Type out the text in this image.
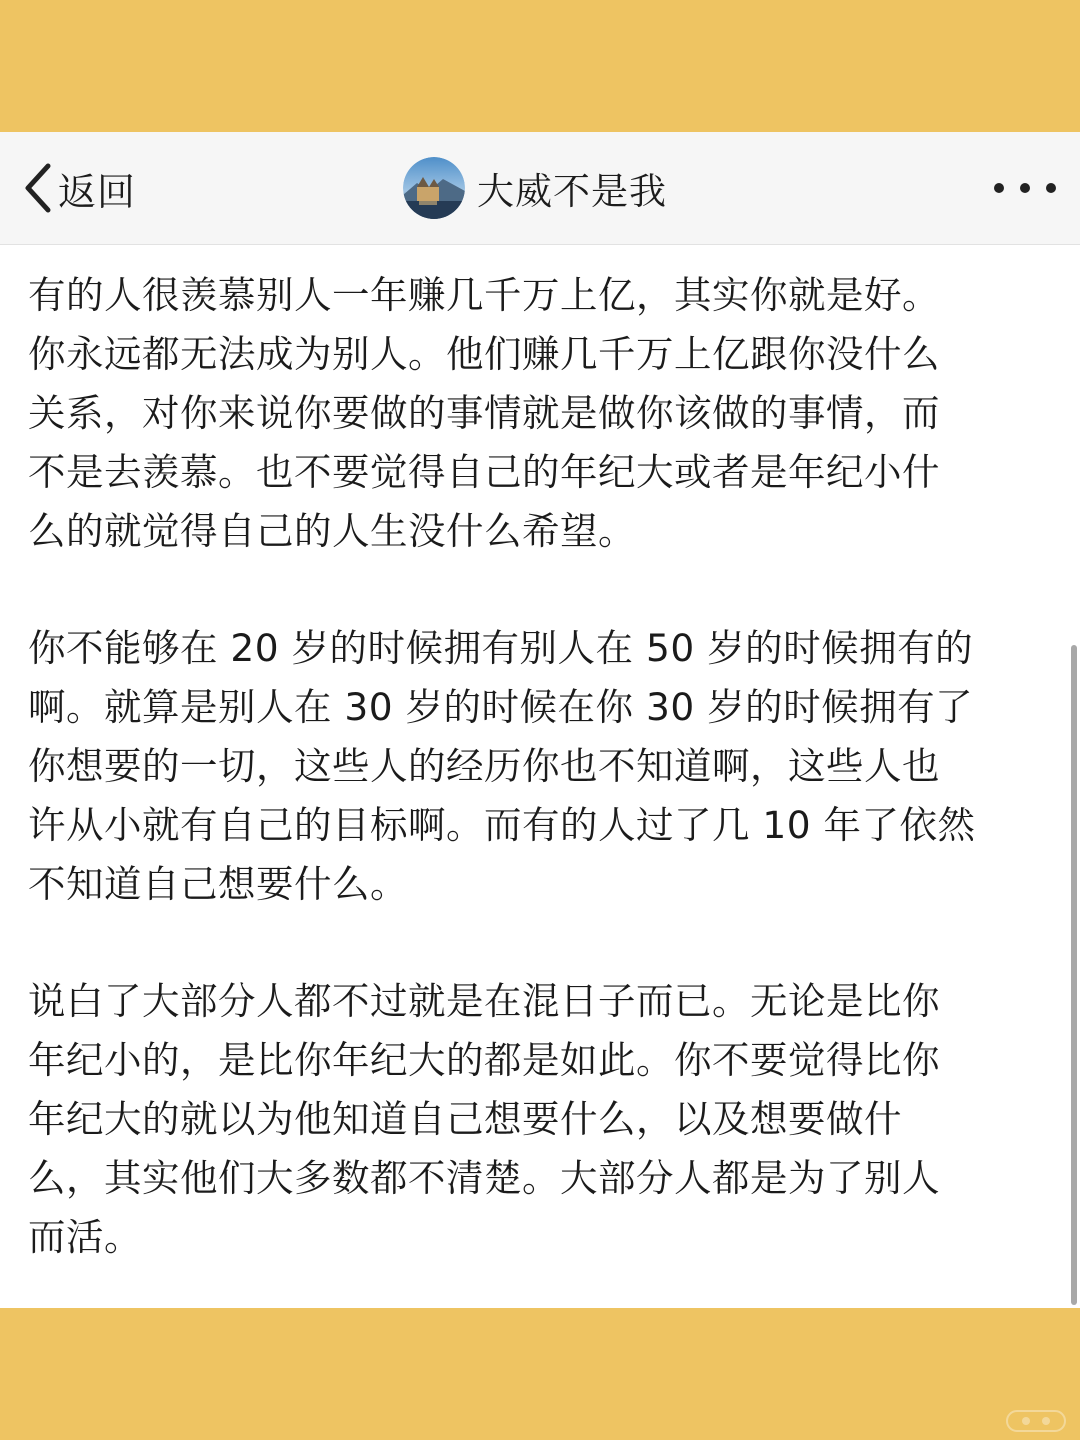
返回	大威不是我

有的人很羡慕别人一年赚几千万上亿，其实你就是好。
你永远都无法成为别人。他们赚几千万上亿跟你没什么
关系，对你来说你要做的事情就是做你该做的事情，而
不是去羡慕。也不要觉得自己的年纪大或者是年纪小什
么的就觉得自己的人生没什么希望。

你不能够在 20 岁的时候拥有别人在 50 岁的时候拥有的
啊。就算是别人在 30 岁的时候在你 30 岁的时候拥有了
你想要的一切，这些人的经历你也不知道啊，这些人也
许从小就有自己的目标啊。而有的人过了几 10 年了依然
不知道自己想要什么。

说白了大部分人都不过就是在混日子而已。无论是比你
年纪小的，是比你年纪大的都是如此。你不要觉得比你
年纪大的就以为他知道自己想要什么，以及想要做什
么，其实他们大多数都不清楚。大部分人都是为了别人
而活。
